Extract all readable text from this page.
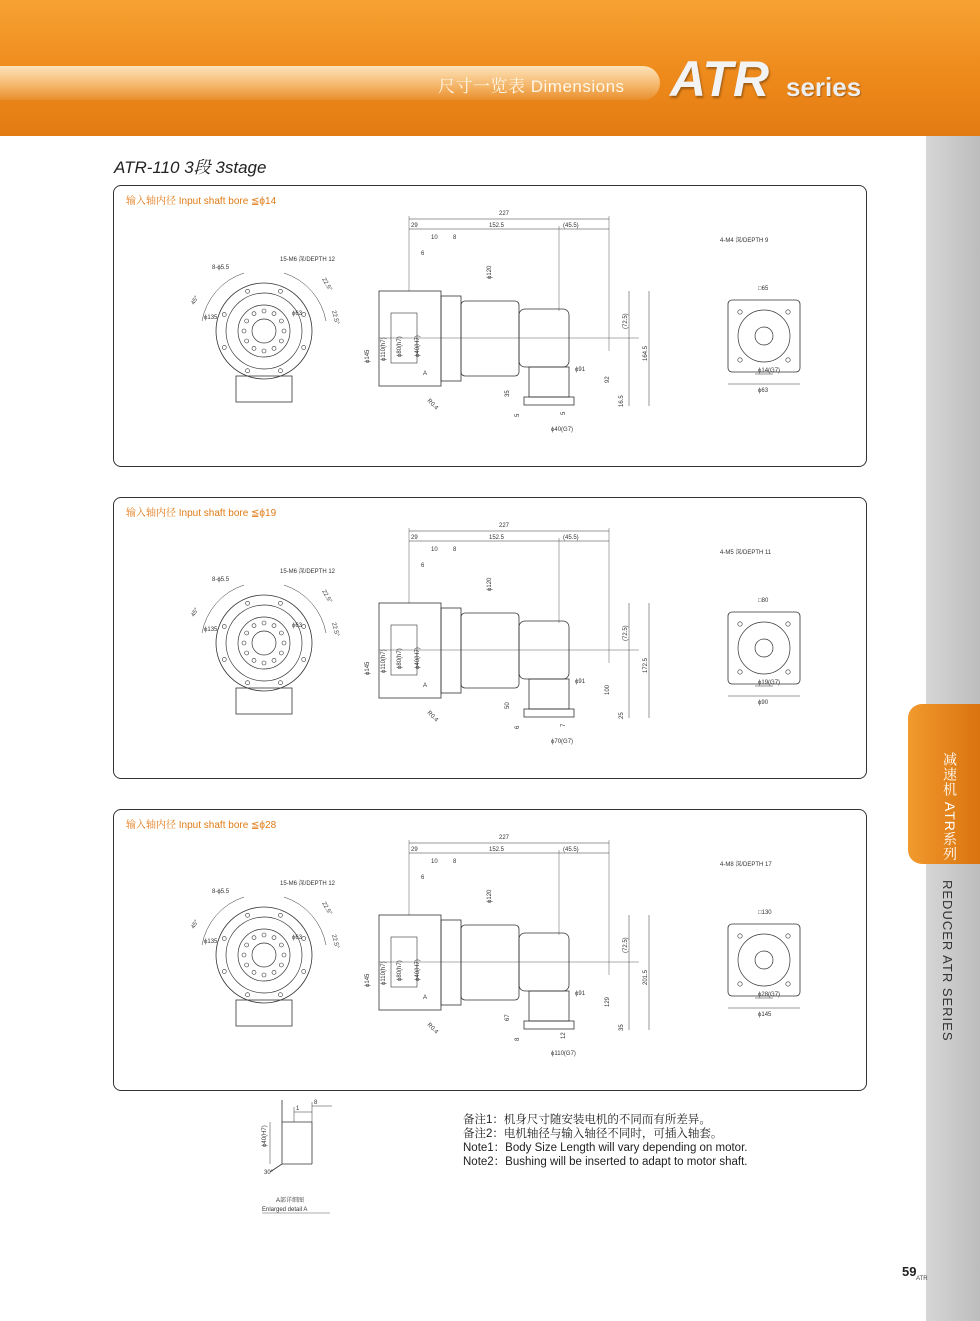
尺寸一览表 Dimensions ATR series
减速机 ATR系列
REDUCER ATR SERIES
59 ATR
ATR-110 3段 3stage
输入轴内径 Input shaft bore ≦ϕ14
8-ϕ5.5
15-M6 深/DEPTH 12
45°
22.5°
22.5°
ϕ135
ϕ63
227
29	152.5	(45.5)
10	8
6
ϕ120
ϕ145 ϕ110(h7) ϕ80(h7) ϕ40(H7)
(72.5)
164.5
92
16.5
ϕ91
35
5
5
A
R0.4
ϕ40(G7)
4-M4 深/DEPTH 9
□65
ϕ14(G7)
ϕ63
输入轴内径 Input shaft bore ≦ϕ19
8-ϕ5.5
15-M6 深/DEPTH 12
45°
22.5°
22.5°
ϕ135
ϕ63
227
29	152.5	(45.5)
10	8
6
ϕ120
ϕ145 ϕ110(h7) ϕ80(h7) ϕ40(H7)
(72.5)
172.5
100
25
ϕ91
50
6
7
A
R0.4
ϕ70(G7)
4-M5 深/DEPTH 11
□80
ϕ19(G7)
ϕ90
输入轴内径 Input shaft bore ≦ϕ28
8-ϕ5.5
15-M6 深/DEPTH 12
45°
22.5°
22.5°
ϕ135
ϕ63
227
29	152.5	(45.5)
10	8
6
ϕ120
ϕ145 ϕ110(h7) ϕ80(h7) ϕ40(H7)
(72.5)
201.5
129
35
ϕ91
67
8
12
A
R0.4
ϕ110(G7)
4-M8 深/DEPTH 17
□130
ϕ28(G7)
ϕ145
ϕ40(H7)
1
8
30°
A部详细图
Enlarged detail A
备注1：机身尺寸随安装电机的不同而有所差异。
备注2：电机轴径与输入轴径不同时，可插入轴套。
Note1：Body Size Length will vary depending on motor.
Note2：Bushing will be inserted to adapt to motor shaft.
